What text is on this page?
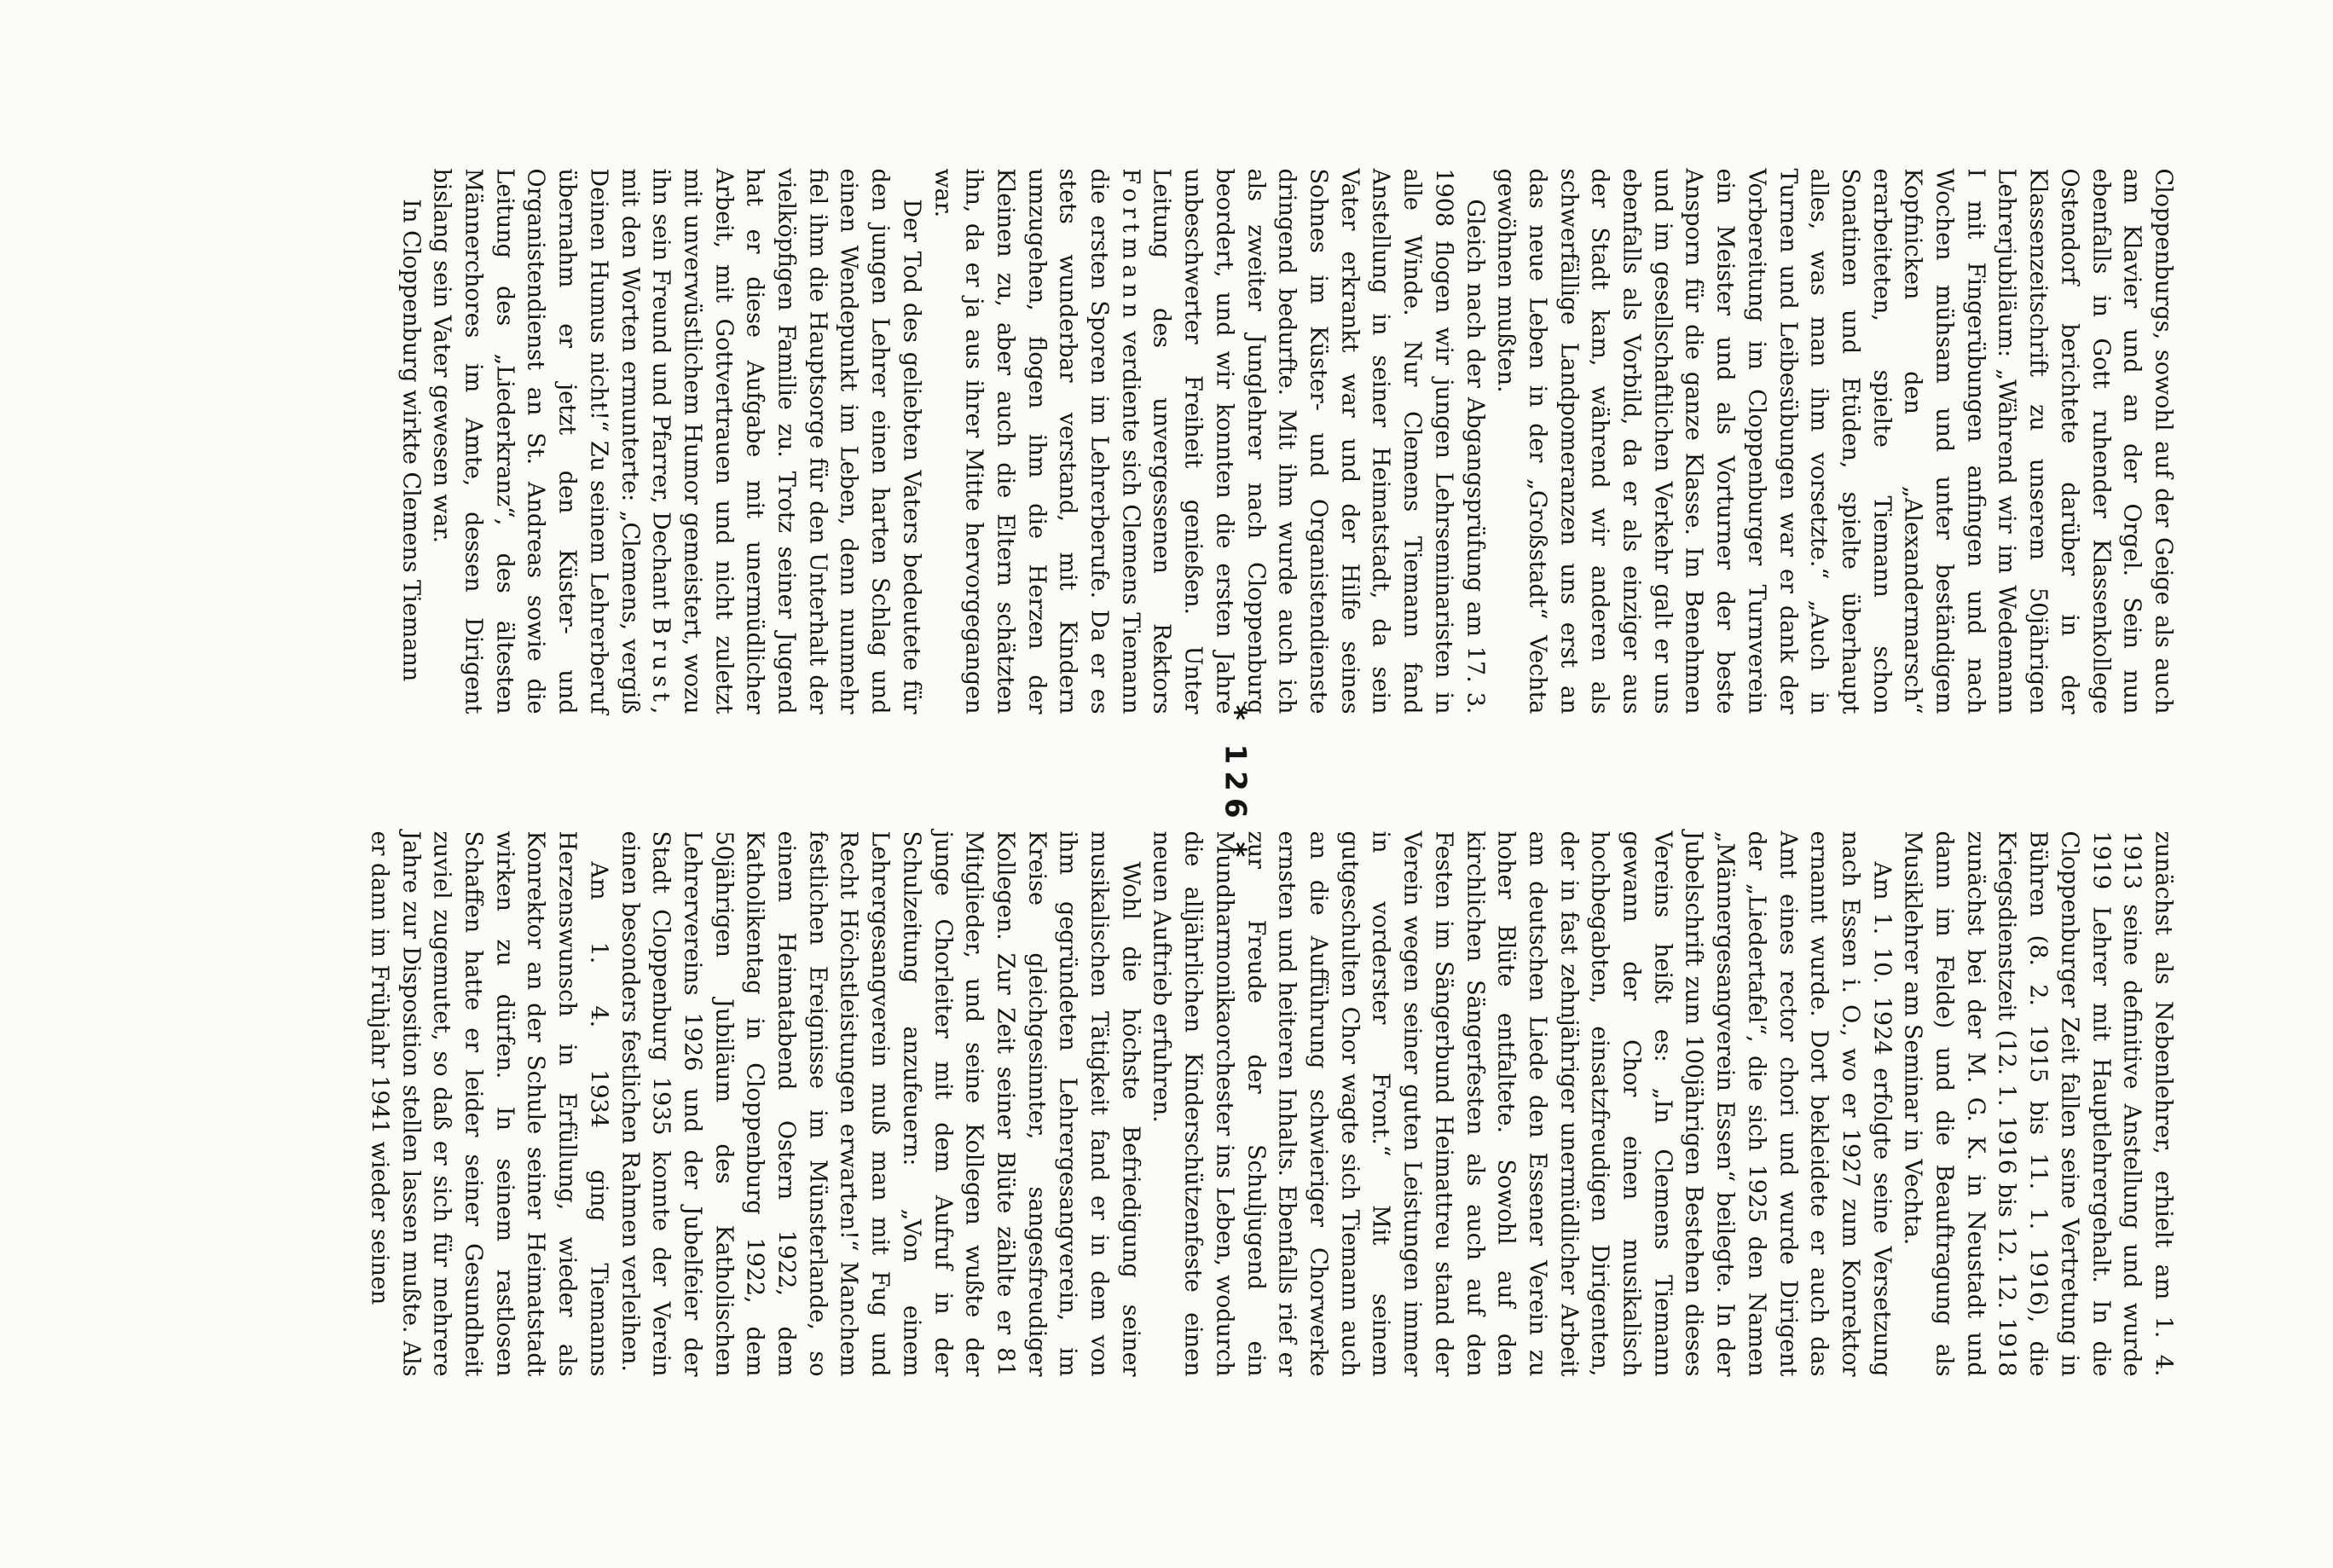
Cloppenburgs, sowohl auf der Geige als auch am Klavier und an der Orgel. Sein nun ebenfalls in Gott ruhender Klassenkollege Ostendorf berichtete darüber in der Klassenzeitschrift zu unserem 50jährigen Lehrerjubiläum: „Während wir im Wedemann I mit Fingerübungen anfingen und nach Wochen mühsam und unter beständigem Kopfnicken den „Alexandermarsch“ erarbeiteten, spielte Tiemann schon Sonatinen und Etüden, spielte überhaupt alles, was man ihm vorsetzte.“ „Auch in Turnen und Leibesübungen war er dank der Vorbereitung im Cloppenburger Turnverein ein Meister und als Vorturner der beste Ansporn für die ganze Klasse. Im Benehmen und im gesellschaftlichen Verkehr galt er uns ebenfalls als Vorbild, da er als einziger aus der Stadt kam, während wir anderen als schwerfällige Landpomeranzen uns erst an das neue Leben in der „Großstadt“ Vechta gewöhnen mußten.

Gleich nach der Abgangsprüfung am 17. 3. 1908 flogen wir jungen Lehrseminaristen in alle Winde. Nur Clemens Tiemann fand Anstellung in seiner Heimatstadt, da sein Vater erkrankt war und der Hilfe seines Sohnes im Küster- und Organistendienste dringend bedurfte. Mit ihm wurde auch ich als zweiter Junglehrer nach Cloppenburg beordert, und wir konnten die ersten Jahre unbeschwerter Freiheit genießen. Unter Leitung des unvergessenen Rektors Fortmann verdiente sich Clemens Tiemann die ersten Sporen im Lehrerberufe. Da er es stets wunderbar verstand, mit Kindern umzugehen, flogen ihm die Herzen der Kleinen zu, aber auch die Eltern schätzten ihn, da er ja aus ihrer Mitte hervorgegangen war.

Der Tod des geliebten Vaters bedeutete für den jungen Lehrer einen harten Schlag und einen Wendepunkt im Leben, denn nunmehr fiel ihm die Hauptsorge für den Unterhalt der vielköpfigen Familie zu. Trotz seiner Jugend hat er diese Aufgabe mit unermüdlicher Arbeit, mit Gottvertrauen und nicht zuletzt mit unverwüstlichem Humor gemeistert, wozu ihn sein Freund und Pfarrer, Dechant Brust, mit den Worten ermunterte: „Clemens, vergiß Deinen Humus nicht!“ Zu seinem Lehrerberuf übernahm er jetzt den Küster- und Organistendienst an St. Andreas sowie die Leitung des „Liederkranz“, des ältesten Männerchores im Amte, dessen Dirigent bislang sein Vater gewesen war.

In Cloppenburg wirkte Clemens Tiemann

zunächst als Nebenlehrer, erhielt am 1. 4. 1913 seine definitive Anstellung und wurde 1919 Lehrer mit Hauptlehrergehalt. In die Cloppenburger Zeit fallen seine Vertretung in Bühren (8. 2. 1915 bis 11. 1. 1916), die Kriegsdienstzeit (12. 1. 1916 bis 12. 12. 1918 zunächst bei der M. G. K. in Neustadt und dann im Felde) und die Beauftragung als Musiklehrer am Seminar in Vechta.

Am 1. 10. 1924 erfolgte seine Versetzung nach Essen i. O., wo er 1927 zum Konrektor ernannt wurde. Dort bekleidete er auch das Amt eines rector chori und wurde Dirigent der „Liedertafel“, die sich 1925 den Namen „Männergesangverein Essen“ beilegte. In der Jubelschrift zum 100jährigen Bestehen dieses Vereins heißt es: „In Clemens Tiemann gewann der Chor einen musikalisch hochbegabten, einsatzfreudigen Dirigenten, der in fast zehnjähriger unermüdlicher Arbeit am deutschen Liede den Essener Verein zu hoher Blüte entfaltete. Sowohl auf den kirchlichen Sängerfesten als auch auf den Festen im Sängerbund Heimattreu stand der Verein wegen seiner guten Leistungen immer in vorderster Front.“ Mit seinem gutgeschulten Chor wagte sich Tiemann auch an die Aufführung schwieriger Chorwerke ernsten und heiteren Inhalts. Ebenfalls rief er zur Freude der Schuljugend ein Mundharmonikaorchester ins Leben, wodurch die alljährlichen Kinderschützenfeste einen neuen Auftrieb erfuhren.

Wohl die höchste Befriedigung seiner musikalischen Tätigkeit fand er in dem von ihm gegründeten Lehrergesangverein, im Kreise gleichgesinnter, sangesfreudiger Kollegen. Zur Zeit seiner Blüte zählte er 81 Mitglieder, und seine Kollegen wußte der junge Chorleiter mit dem Aufruf in der Schulzeitung anzufeuern: „Von einem Lehrergesangverein muß man mit Fug und Recht Höchstleistungen erwarten!“ Manchem festlichen Ereignisse im Münsterlande, so einem Heimatabend Ostern 1922, dem Katholikentag in Cloppenburg 1922, dem 50jährigen Jubiläum des Katholischen Lehrervereins 1926 und der Jubelfeier der Stadt Cloppenburg 1935 konnte der Verein einen besonders festlichen Rahmen verleihen.

Am 1. 4. 1934 ging Tiemanns Herzenswunsch in Erfüllung, wieder als Konrektor an der Schule seiner Heimatstadt wirken zu dürfen. In seinem rastlosen Schaffen hatte er leider seiner Gesundheit zuviel zugemutet, so daß er sich für mehrere Jahre zur Disposition stellen lassen mußte. Als er dann im Frühjahr 1941 wieder seinen

* 126 *
